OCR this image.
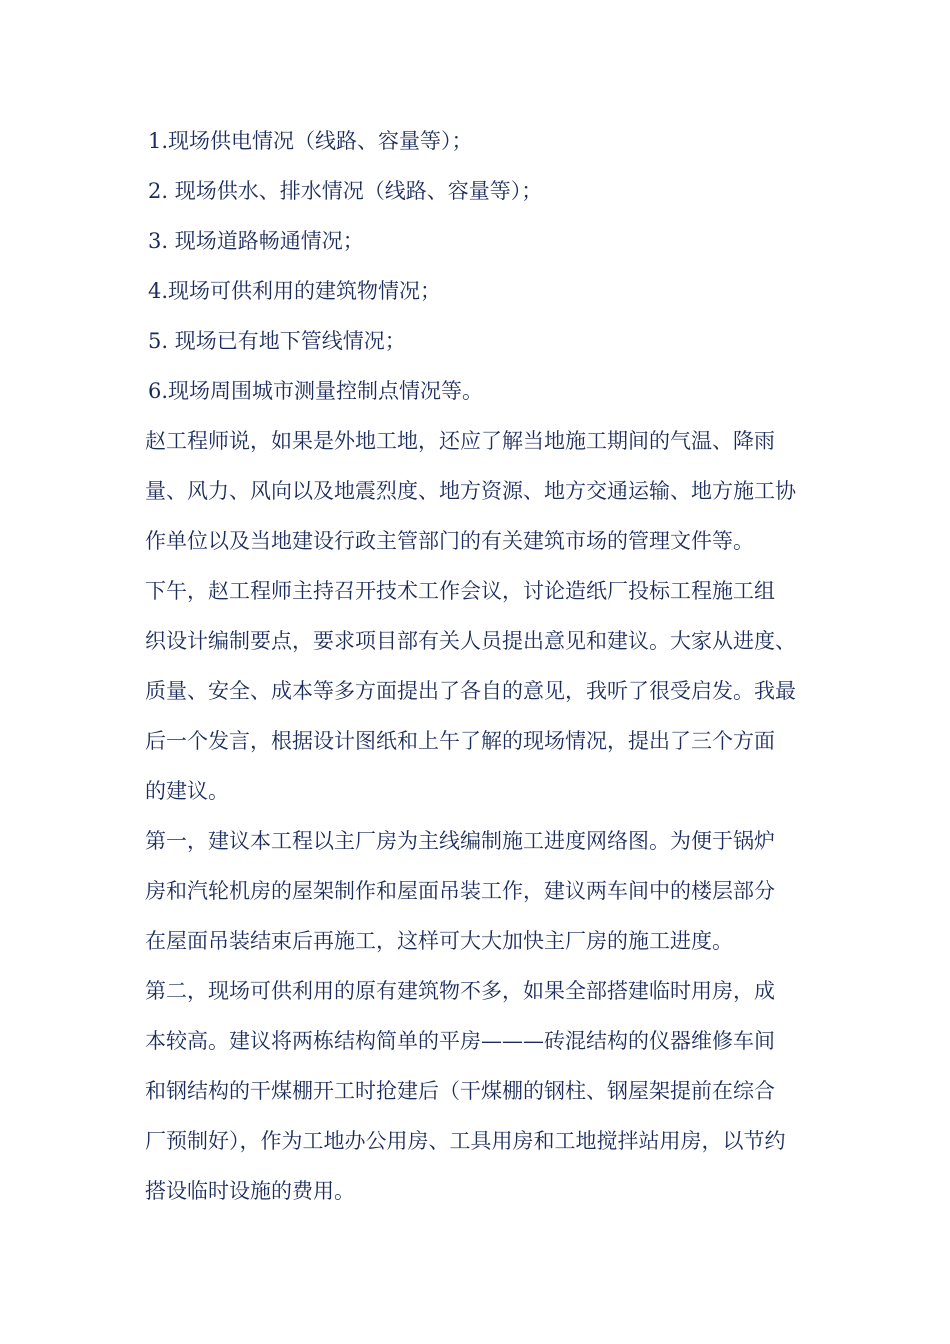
1.现场供电情况（线路、容量等）；

2. 现场供水、排水情况（线路、容量等）；

3. 现场道路畅通情况；

4.现场可供利用的建筑物情况；

5. 现场已有地下管线情况；

6.现场周围城市测量控制点情况等。

赵工程师说，如果是外地工地，还应了解当地施工期间的气温、降雨

量、风力、风向以及地震烈度、地方资源、地方交通运输、地方施工协

作单位以及当地建设行政主管部门的有关建筑市场的管理文件等。

下午，赵工程师主持召开技术工作会议，讨论造纸厂投标工程施工组

织设计编制要点，要求项目部有关人员提出意见和建议。大家从进度、

质量、安全、成本等多方面提出了各自的意见，我听了很受启发。我最

后一个发言，根据设计图纸和上午了解的现场情况，提出了三个方面

的建议。

第一，建议本工程以主厂房为主线编制施工进度网络图。为便于锅炉

房和汽轮机房的屋架制作和屋面吊装工作，建议两车间中的楼层部分

在屋面吊装结束后再施工，这样可大大加快主厂房的施工进度。

第二，现场可供利用的原有建筑物不多，如果全部搭建临时用房，成

本较高。建议将两栋结构简单的平房———砖混结构的仪器维修车间

和钢结构的干煤棚开工时抢建后（干煤棚的钢柱、钢屋架提前在综合

厂预制好），作为工地办公用房、工具用房和工地搅拌站用房，以节约

搭设临时设施的费用。
